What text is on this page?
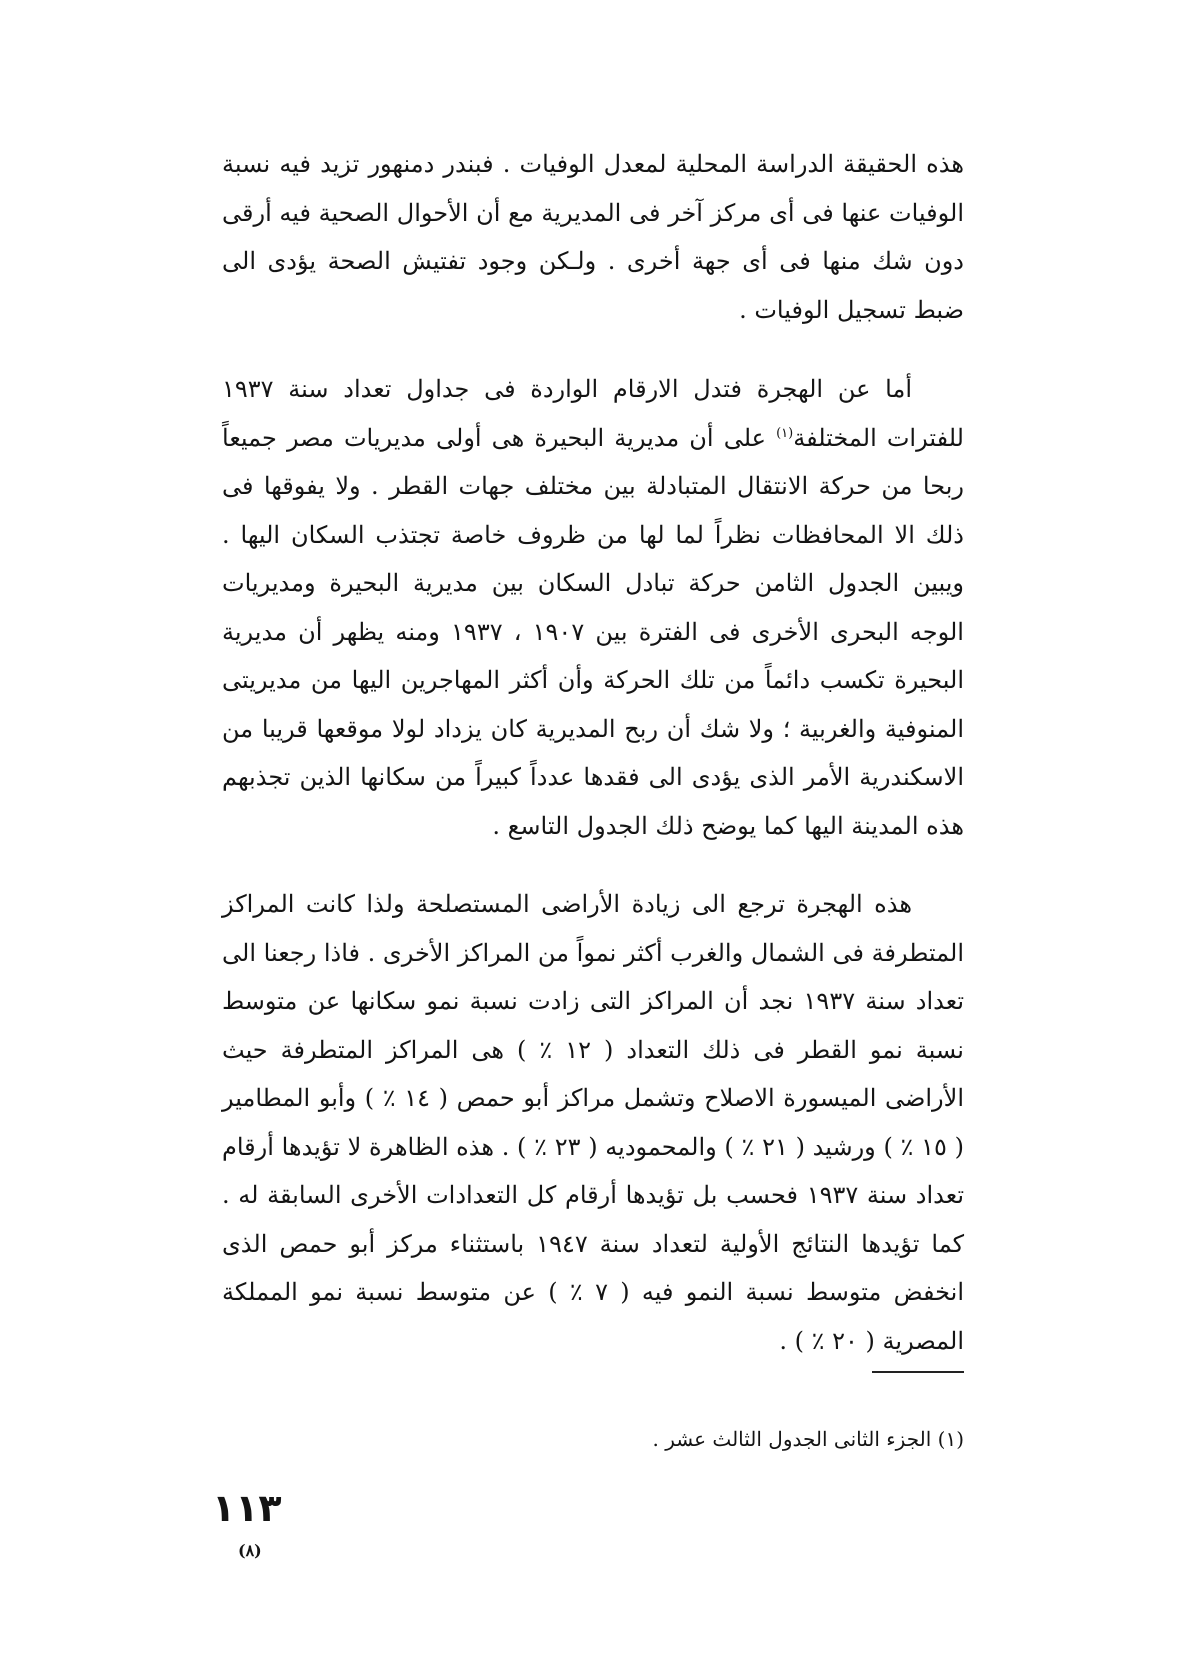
هذه الحقيقة الدراسة المحلية لمعدل الوفيات . فبندر دمنهور تزيد فيه نسبة الوفيات عنها فى أى مركز آخر فى المديرية مع أن الأحوال الصحية فيه أرقى دون شك منها فى أى جهة أخرى . ولـكن وجود تفتيش الصحة يؤدى الى ضبط تسجيل الوفيات .

أما عن الهجرة فتدل الارقام الواردة فى جداول تعداد سنة ١٩٣٧ للفترات المختلفة$^{(١)}$ على أن مديرية البحيرة هى أولى مديريات مصر جميعاً ربحا من حركة الانتقال المتبادلة بين مختلف جهات القطر . ولا يفوقها فى ذلك الا المحافظات نظراً لما لها من ظروف خاصة تجتذب السكان اليها . ويبين الجدول الثامن حركة تبادل السكان بين مديرية البحيرة ومديريات الوجه البحرى الأخرى فى الفترة بين ١٩٠٧ ، ١٩٣٧ ومنه يظهر أن مديرية البحيرة تكسب دائماً من تلك الحركة وأن أكثر المهاجرين اليها من مديريتى المنوفية والغربية ؛ ولا شك أن ربح المديرية كان يزداد لولا موقعها قريبا من الاسكندرية الأمر الذى يؤدى الى فقدها عدداً كبيراً من سكانها الذين تجذبهم هذه المدينة اليها كما يوضح ذلك الجدول التاسع .

هذه الهجرة ترجع الى زيادة الأراضى المستصلحة ولذا كانت المراكز المتطرفة فى الشمال والغرب أكثر نمواً من المراكز الأخرى . فاذا رجعنا الى تعداد سنة ١٩٣٧ نجد أن المراكز التى زادت نسبة نمو سكانها عن متوسط نسبة نمو القطر فى ذلك التعداد ( ١٢ ٪ ) هى المراكز المتطرفة حيث الأراضى الميسورة الاصلاح وتشمل مراكز أبو حمص ( ١٤ ٪ ) وأبو المطامير ( ١٥ ٪ ) ورشيد ( ٢١ ٪ ) والمحموديه ( ٢٣ ٪ ) . هذه الظاهرة لا تؤيدها أرقام تعداد سنة ١٩٣٧ فحسب بل تؤيدها أرقام كل التعدادات الأخرى السابقة له . كما تؤيدها النتائج الأولية لتعداد سنة ١٩٤٧ باستثناء مركز أبو حمص الذى انخفض متوسط نسبة النمو فيه ( ٧ ٪ ) عن متوسط نسبة نمو المملكة المصرية ( ٢٠ ٪ ) .

(١) الجزء الثانى الجدول الثالث عشر .

١١٣
(٨)
